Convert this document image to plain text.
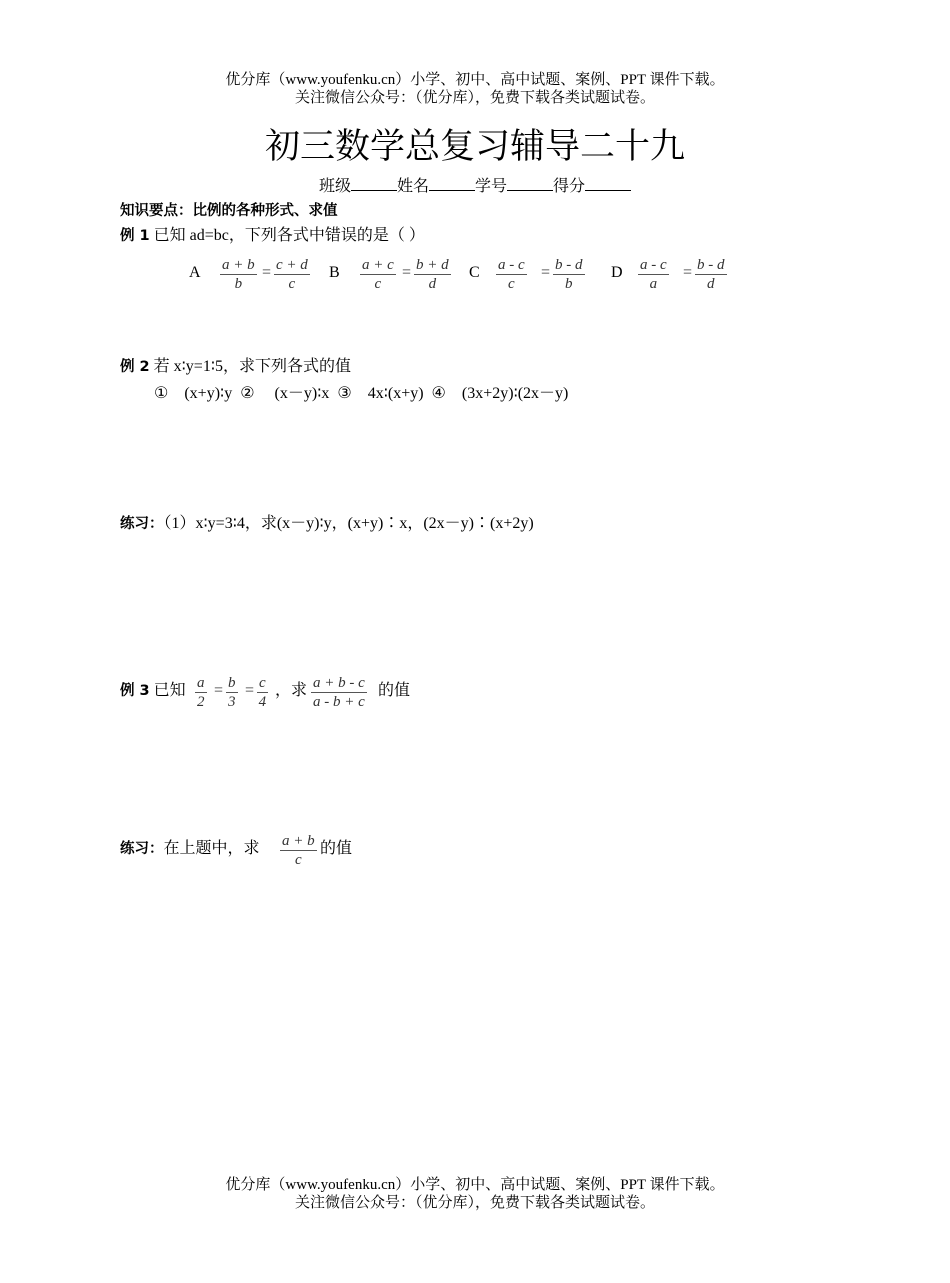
优分库（www.youfenku.cn）小学、初中、高中试题、案例、PPT 课件下载。
关注微信公众号：（优分库），免费下载各类试题试卷。
初三数学总复习辅导二十九
班级	姓名	学号	得分
知识要点：比例的各种形式、求值
例 1 已知 ad=bc，下列各式中错误的是（ ）
A $\frac{a + b}{b} = \frac{c + d}{c}$ B $\frac{a + c}{c} = \frac{b + d}{d}$ C $\frac{a - c}{c} = \frac{b - d}{b}$ D $\frac{a - c}{a} = \frac{b - d}{d}$
例 2 若 x∶y=1∶5，求下列各式的值
①　(x+y)∶y  ②　 (x－y)∶x  ③　4x∶(x+y)  ④　(3x+2y)∶(2x－y)
练习：（1）x∶y=3∶4，求(x－y)∶y，(x+y)∶x，(2x－y)∶(x+2y)
例 3 已知 $\frac{a}{2} = \frac{b}{3} = \frac{c}{4}$ ，求 $\frac{a + b - c}{a - b + c}$ 的值
练习：在上题中，求 $\frac{a + b}{c}$ 的值
优分库（www.youfenku.cn）小学、初中、高中试题、案例、PPT 课件下载。
关注微信公众号：（优分库），免费下载各类试题试卷。
